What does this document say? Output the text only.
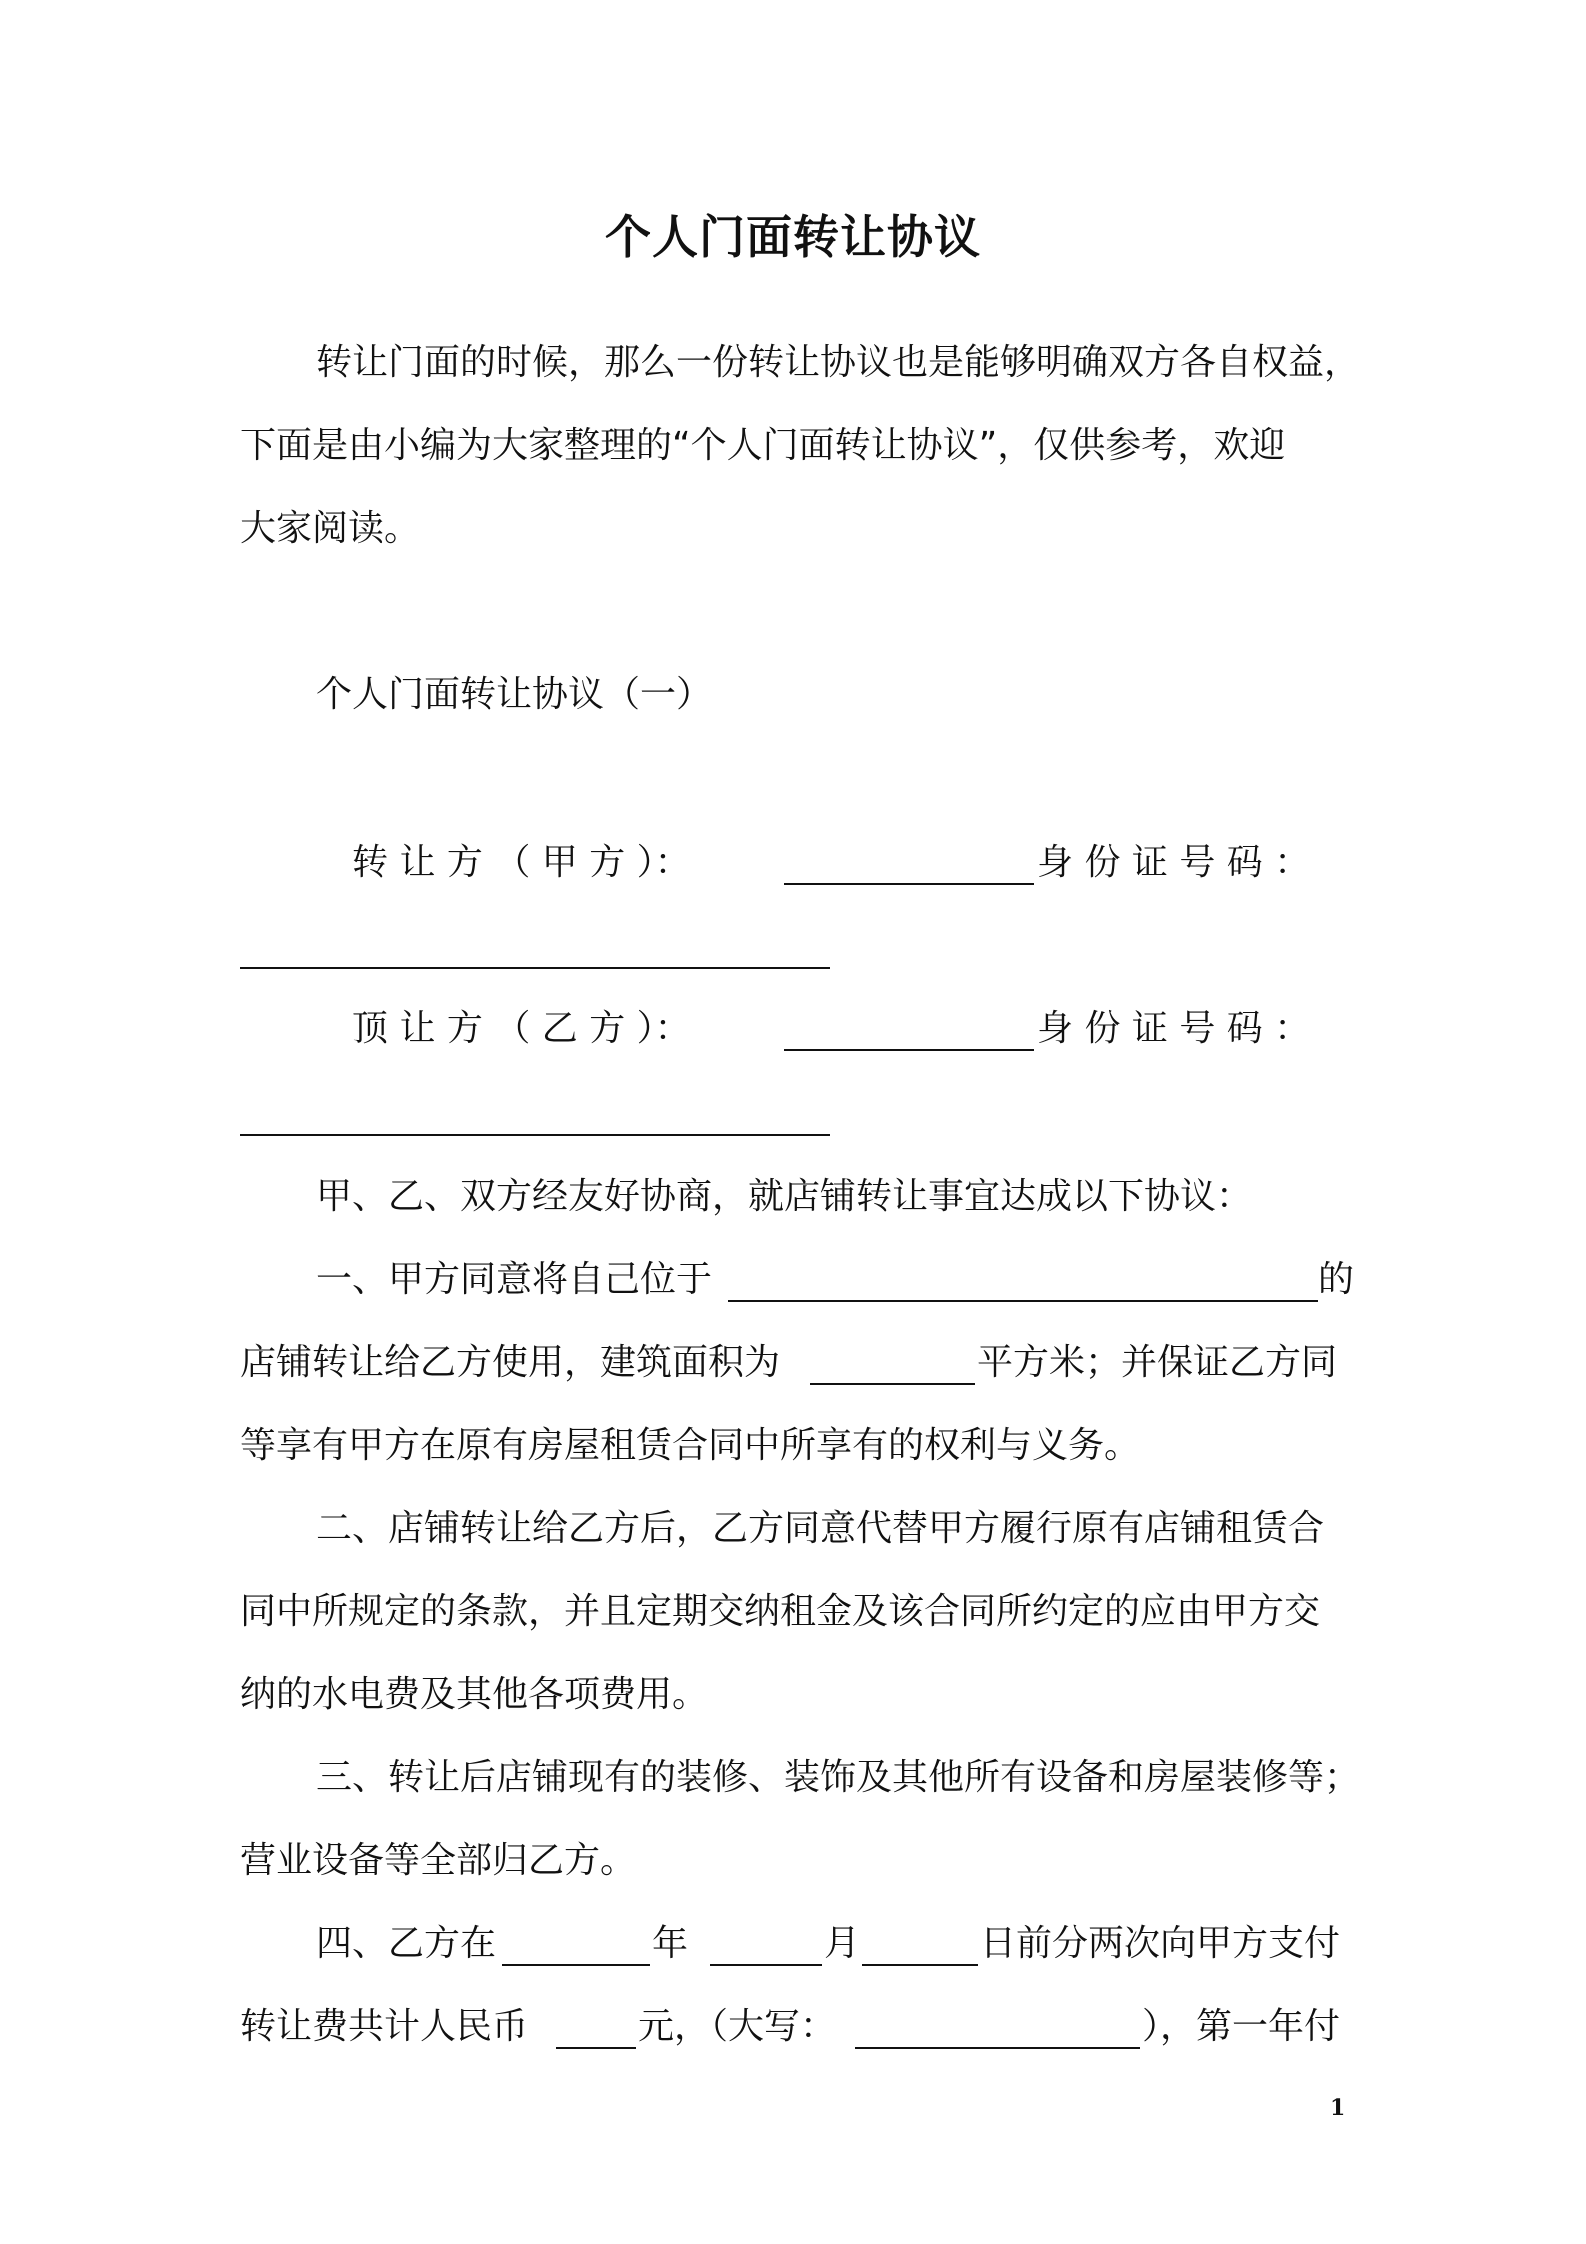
个人门面转让协议
转让门面的时候，那么一份转让协议也是能够明确双方各自权益，
下面是由小编为大家整理的“个人门面转让协议”，仅供参考，欢迎
大家阅读。
个人门面转让协议（一）
转 让 方 （ 甲 方 ）：	身 份 证 号 码 ：
顶 让 方 （ 乙 方 ）：	身 份 证 号 码 ：
甲、乙、双方经友好协商，就店铺转让事宜达成以下协议：
一、甲方同意将自己位于	的
店铺转让给乙方使用，建筑面积为	平方米；并保证乙方同
等享有甲方在原有房屋租赁合同中所享有的权利与义务。
二、店铺转让给乙方后，乙方同意代替甲方履行原有店铺租赁合
同中所规定的条款，并且定期交纳租金及该合同所约定的应由甲方交
纳的水电费及其他各项费用。
三、转让后店铺现有的装修、装饰及其他所有设备和房屋装修等；
营业设备等全部归乙方。
四、乙方在	年	月	日前分两次向甲方支付
转让费共计人民币	元，（大写：	），第一年付
1
